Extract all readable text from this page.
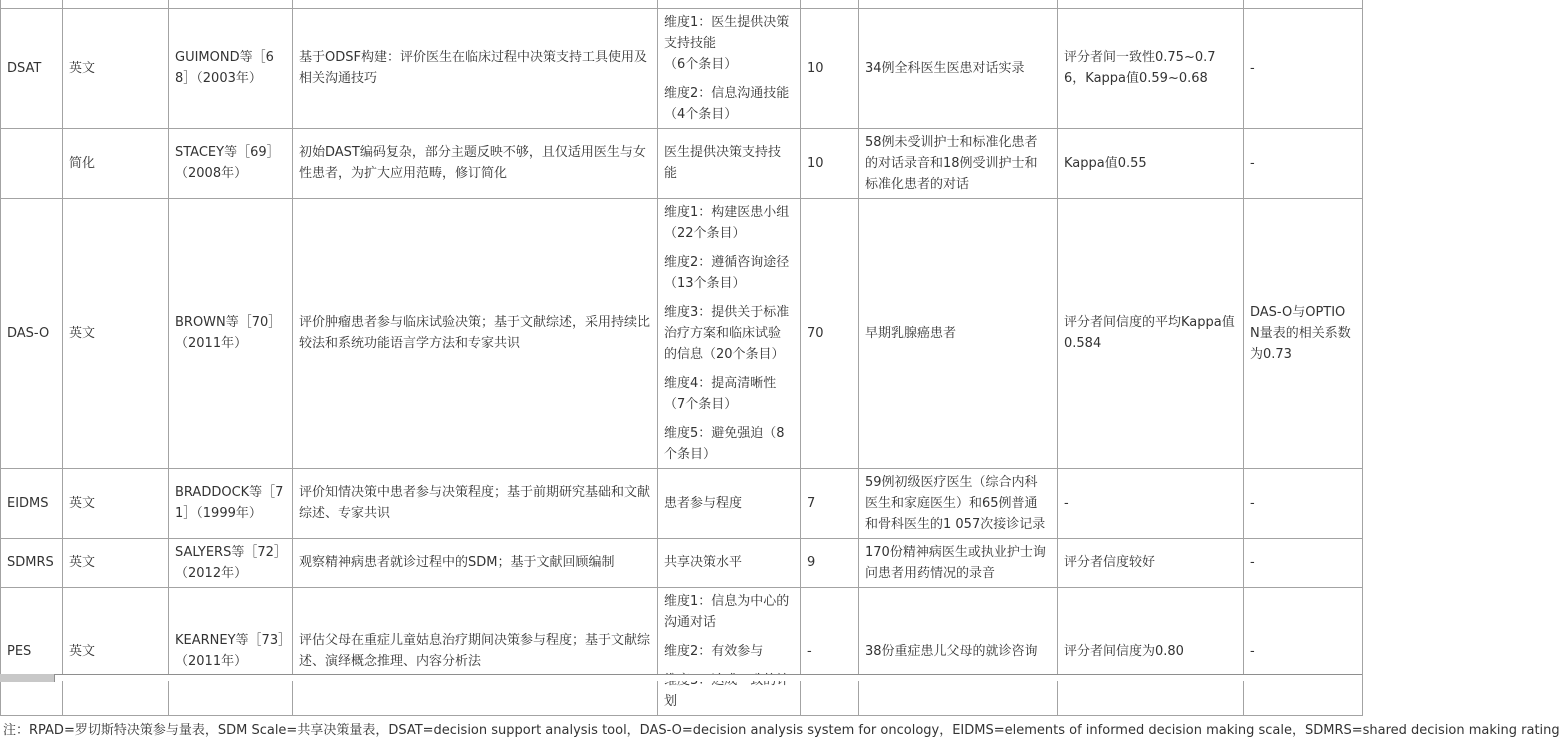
DSAT	英文	GUIMOND等［68］（2003年）	基于ODSF构建：评价医生在临床过程中决策支持工具使用及相关沟通技巧	维度1：医生提供决策支持技能
（6个条目）
维度2：信息沟通技能（4个条目）	10	34例全科医生医患对话实录	评分者间一致性0.75~0.76，Kappa值0.59~0.68	-
	简化	STACEY等［69］（2008年）	初始DAST编码复杂，部分主题反映不够，且仅适用医生与女性患者，为扩大应用范畴，修订简化	医生提供决策支持技能	10	58例未受训护士和标准化患者的对话录音和18例受训护士和标准化患者的对话	Kappa值0.55	-
DAS-O	英文	BROWN等［70］（2011年）	评价肿瘤患者参与临床试验决策；基于文献综述，采用持续比较法和系统功能语言学方法和专家共识	维度1：构建医患小组（22个条目）
维度2：遵循咨询途径（13个条目）
维度3：提供关于标准治疗方案和临床试验的信息（20个条目）
维度4：提高清晰性（7个条目）
维度5：避免强迫（8个条目）	70	早期乳腺癌患者	评分者间信度的平均Kappa值0.584	DAS-O与OPTION量表的相关系数为0.73
EIDMS	英文	BRADDOCK等［71］（1999年）	评价知情决策中患者参与决策程度；基于前期研究基础和文献综述、专家共识	患者参与程度	7	59例初级医疗医生（综合内科医生和家庭医生）和65例普通和骨科医生的1 057次接诊记录	-	-
SDMRS	英文	SALYERS等［72］（2012年）	观察精神病患者就诊过程中的SDM；基于文献回顾编制	共享决策水平	9	170份精神病医生或执业护士询问患者用药情况的录音	评分者信度较好	-
PES	英文	KEARNEY等［73］（2011年）	评估父母在重症儿童姑息治疗期间决策参与程度；基于文献综述、演绎概念推理、内容分析法	维度1：信息为中心的沟通对话
维度2：有效参与
划	-	38份重症患儿父母的就诊咨询	评分者间信度为0.80	-
注：RPAD=罗切斯特决策参与量表，SDM Scale=共享决策量表，DSAT=decision support analysis tool，DAS-O=decision analysis system for oncology，EIDMS=elements of informed decision making scale，SDMRS=shared decision making rating
